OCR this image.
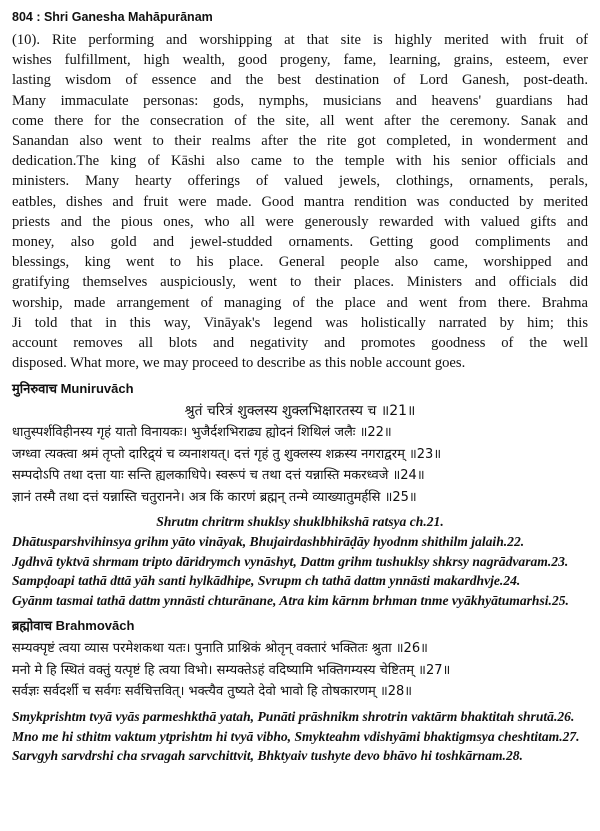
804 : Shri Ganesha Mahāpurānam
(10). Rite performing and worshipping at that site is highly merited with fruit of
wishes fulfillment, high wealth, good progeny, fame, learning, grains, esteem, ever
lasting wisdom of essence and the best destination of Lord Ganesh, post-death.
Many immaculate personas: gods, nymphs, musicians and heavens' guardians had
come there for the consecration of the site, all went after the ceremony. Sanak and
Sanandan also went to their realms after the rite got completed, in wonderment and
dedication.The king of Kāshi also came to the temple with his senior officials and
ministers. Many hearty offerings of valued jewels, clothings, ornaments, perals,
eatbles, dishes and fruit were made. Good mantra rendition was conducted by merited
priests and the pious ones, who all were generously rewarded with valued gifts and
money, also gold and jewel-studded ornaments. Getting good compliments and
blessings, king went to his place. General people also came, worshipped and
gratifying themselves auspiciously, went to their places. Ministers and officials did
worship, made arrangement of managing of the place and went from there. Brahma
Ji told that in this way, Vināyak's legend was holistically narrated by him; this
account removes all blots and negativity and promotes goodness of the well
disposed. What more, we may proceed to describe as this noble account goes.
मुनिरुवाच Muniruvāch
श्रुतं चरित्रं शुक्लस्य शुक्लभिक्षारतस्य च ॥21॥
धातुस्पर्शविहीनस्य गृहं यातो विनायकः। भुजैर्दशभिराढ्य ह्योदनं शिथिलं जलैः ॥22॥
जग्ध्वा त्यक्त्वा श्रमं तृप्तो दारिद्र्यं च व्यनाशयत्। दत्तं गृहं तु शुक्लस्य शक्रस्य नगराद्वरम् ॥23॥
सम्पदोऽपि तथा दत्ता याः सन्ति ह्यलकाधिपे। स्वरूपं च तथा दत्तं यन्नास्ति मकरध्वजे ॥24॥
ज्ञानं तस्मै तथा दत्तं यन्नास्ति चतुरानने। अत्र किं कारणं ब्रह्मन् तन्मे व्याख्यातुमर्हसि ॥25॥
Shrutm chritrm shuklsy shuklbhikshā ratsya ch.21.
Dhātusparshvihinsya grihm yāto vināyak, Bhujairdashbhirāḍāy hyodnm shithilm jalaih.22.
Jgdhvā tyktvā shrmam tripto dāridrymch vynāshyt, Dattm grihm tushuklsy shkrsy nagrādvaram.23.
Sampḍoapi tathā dttā yāh santi hylkādhipe, Svrupm ch tathā dattm ynnāsti makardhvje.24.
Gyānm tasmai tathā dattm ynnāsti chturānane, Atra kim kārnm brhman tnme vyākhyātumarhsi.25.
ब्रह्मोवाच Brahmovāch
सम्यक्पृष्टं त्वया व्यास परमेशकथा यतः। पुनाति प्राश्निकं श्रोतृन् वक्तारं भक्तितः श्रुता ॥26॥
मनो मे हि स्थितं वक्तुं यत्पृष्टं हि त्वया विभो। सम्यक्तेऽहं वदिष्यामि भक्तिगम्यस्य चेष्टितम् ॥27॥
सर्वज्ञः सर्वदर्शी च सर्वगः सर्वचित्तवित्। भक्त्यैव तुष्यते देवो भावो हि तोषकारणम् ॥28॥
Smykprishtm tvyā vyās parmeshkthā yatah, Punāti prāshnikm shrotrin vaktārm bhaktitah shrutā.26.
Mno me hi sthitm vaktum ytprishtm hi tvyā vibho, Smykteahm vdishyāmi bhaktigmsya cheshtitam.27.
Sarvgyh sarvdrshi cha srvagah sarvchittvit, Bhktyaiv tushyte devo bhāvo hi toshkārnam.28.
